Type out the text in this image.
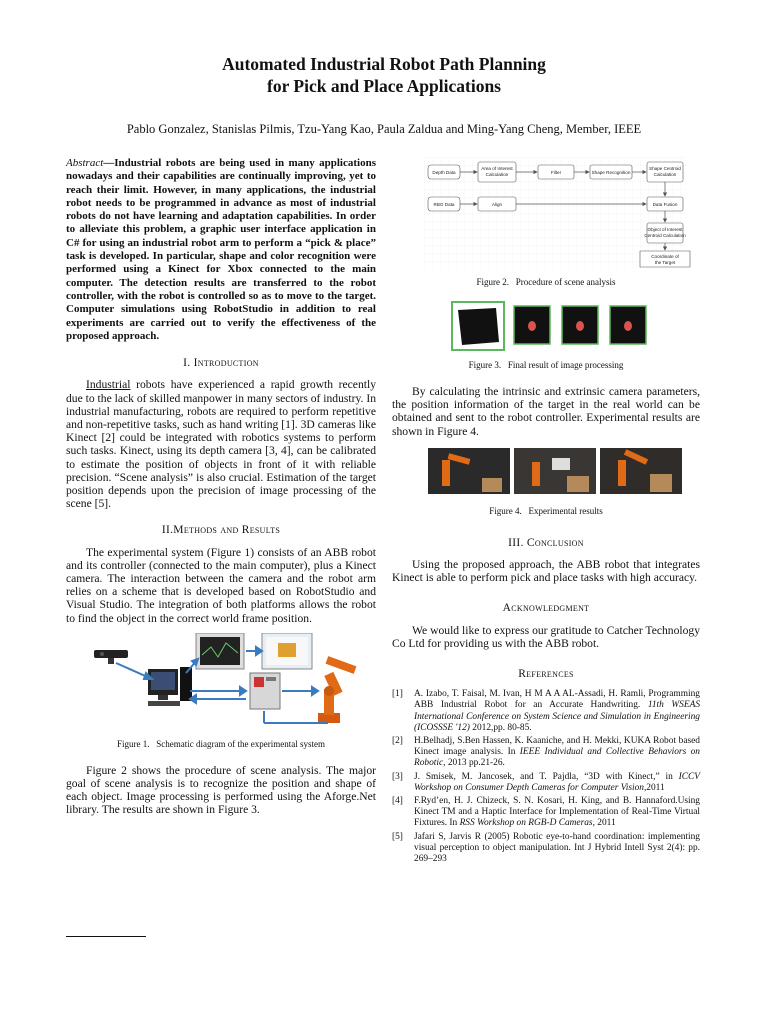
Automated Industrial Robot Path Planning
for Pick and Place Applications
Pablo Gonzalez, Stanislas Pilmis, Tzu-Yang Kao, Paula Zaldua and Ming-Yang Cheng, Member, IEEE
Abstract—Industrial robots are being used in many applications nowadays and their capabilities are continually improving, yet to reach their limit. However, in many applications, the industrial robot needs to be programmed in advance as most of industrial robots do not have learning and adaptation capabilities. In order to alleviate this problem, a graphic user interface application in C# for using an industrial robot arm to perform a “pick & place” task is developed. In particular, shape and color recognition were performed using a Kinect for Xbox connected to the main computer. The detection results are transferred to the robot controller, with the robot is controlled so as to move to the target. Computer simulations using RobotStudio in addition to real experiments are carried out to verify the effectiveness of the proposed approach.
I. Introduction

Industrial robots have experienced a rapid growth recently due to the lack of skilled manpower in many sectors of industry. In industrial manufacturing, robots are required to perform repetitive and non-repetitive tasks, such as hand writing [1]. 3D cameras like Kinect [2] could be integrated with robotics systems to perform such tasks. Kinect, using its depth camera [3, 4], can be calibrated to estimate the position of objects in front of it with reliable precision. “Scene analysis” is also crucial. Estimation of the target position depends upon the precision of image processing of the scene [5].

II.Methods and Results

The experimental system (Figure 1) consists of an ABB robot and its controller (connected to the main computer), plus a Kinect camera. The interaction between the camera and the robot arm relies on a scheme that is developed based on RobotStudio and Visual Studio. The integration of both platforms allows the robot to find the object in the correct world frame position.

Figure 1. Schematic diagram of the experimental system

Figure 2 shows the procedure of scene analysis. The major goal of scene analysis is to recognize the position and shape of each object. Image processing is performed using the Aforge.Net library. The results are shown in Figure 3.

Depth Data
Area of Interest Calculation	Filter	Shape Recognition
Shape Centroid Calculation
RBG Data	Align	Data Fusion
Object of Interest Centroid Calculation
Coordinate of the Target
Figure 2. Procedure of scene analysis
Figure 3. Final result of image processing

By calculating the intrinsic and extrinsic camera parameters, the position information of the target in the real world can be obtained and sent to the robot controller. Experimental results are shown in Figure 4.

Figure 4. Experimental results
III. Conclusion

Using the proposed approach, the ABB robot that integrates Kinect is able to perform pick and place tasks with high accuracy.

Acknowledgment

We would like to express our gratitude to Catcher Technology Co Ltd for providing us with the ABB robot.

References
[1]	A. Izabo, T. Faisal, M. Ivan, H M A A AL-Assadi, H. Ramli, Programming ABB Industrial Robot for an Accurate Handwriting. 11th WSEAS International Conference on System Science and Simulation in Engineering (ICOSSSE '12) 2012,pp. 80-85.
[2]	H.Belhadj, S.Ben Hassen, K. Kaaniche, and H. Mekki, KUKA Robot based Kinect image analysis. In IEEE Individual and Collective Behaviors on Robotic, 2013 pp.21-26.
[3]	J. Smisek, M. Jancosek, and T. Pajdla, “3D with Kinect,” in ICCV Workshop on Consumer Depth Cameras for Computer Vision,2011
[4]	F.Ryd’en, H. J. Chizeck, S. N. Kosari, H. King, and B. Hannaford.Using Kinect TM and a Haptic Interface for Implementation of Real-Time Virtual Fixtures. In RSS Workshop on RGB-D Cameras, 2011
[5]	Jafari S, Jarvis R (2005) Robotic eye-to-hand coordination: implementing visual perception to object manipulation. Int J Hybrid Intell Syst 2(4): pp. 269–293
